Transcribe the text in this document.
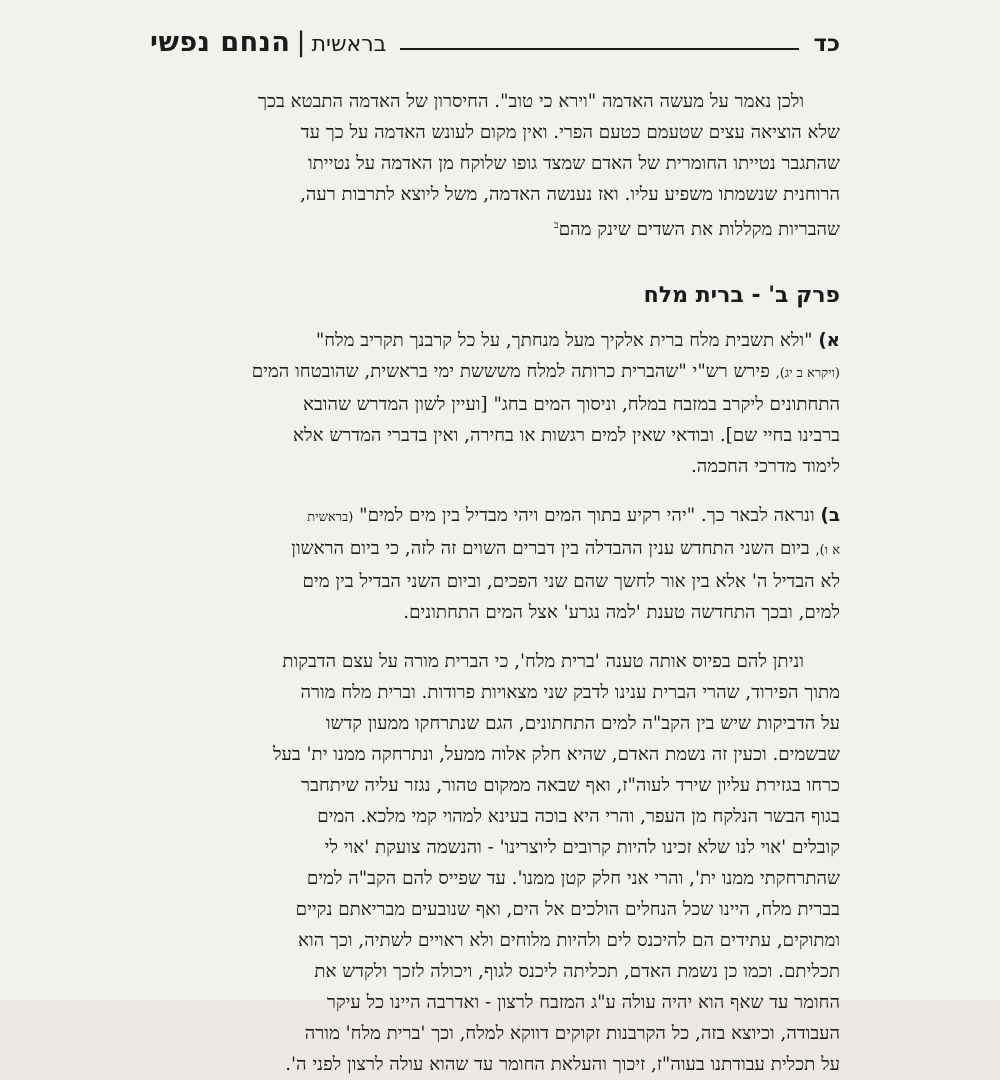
הנחם נפשי | בראשית	כד

ולכן נאמר על מעשה האדמה "וירא כי טוב". החיסרון של האדמה התבטא בכך
שלא הוציאה עצים שטעמם כטעם הפרי. ואין מקום לעונש האדמה על כך עד
שהתגבר נטייתו החומרית של האדם שמצד גופו שלוקח מן האדמה על נטייתו
הרוחנית שנשמתו משפיע עליו. ואז נענשה האדמה, משל ליוצא לתרבות רעה,
שהבריות מקללות את השדים שינק מהם$^ב$

פרק ב' - ברית מלח

א) "ולא תשבית מלח ברית אלקיך מעל מנחתך, על כל קרבנך תקריב מלח"
(ויקרא ב יג), פירש רש"י "שהברית כרותה למלח משששת ימי בראשית, שהובטחו המים
התחתונים ליקרב במזבח במלח, וניסוך המים בחג" [ועיין לשון המדרש שהובא
ברבינו בחיי שם]. ובודאי שאין למים רגשות או בחירה, ואין בדברי המדרש אלא
לימוד מדרכי החכמה.

ב) ונראה לבאר כך. "יהי רקיע בתוך המים ויהי מבדיל בין מים למים" (בראשית
א ו), ביום השני התחדש ענין ההבדלה בין דברים השוים זה לזה, כי ביום הראשון
לא הבדיל ה' אלא בין אור לחשך שהם שני הפכים, וביום השני הבדיל בין מים
למים, ובכך התחדשה טענת 'למה נגרע' אצל המים התחתונים.

וניתן להם בפיוס אותה טענה 'ברית מלח', כי הברית מורה על עצם הדבקות
מתוך הפירוד, שהרי הברית ענינו לדבק שני מצאויות פרודות. וברית מלח מורה
על הדביקות שיש בין הקב"ה למים התחתונים, הגם שנתרחקו ממעון קדשו
שבשמים. וכעין זה נשמת האדם, שהיא חלק אלוה ממעל, ונתרחקה ממנו ית' בעל
כרחו בגזירת עליון שירד לעוה"ז, ואף שבאה ממקום טהור, נגזר עליה שיתחבר
בגוף הבשר הנלקח מן העפר, והרי היא בוכה בעינא למהוי קמי מלכא. המים
קובלים 'אוי לנו שלא זכינו להיות קרובים ליוצרינו' - והנשמה צועקת 'אוי לי
שהתרחקתי ממנו ית', והרי אני חלק קטן ממנו'. עד שפייס להם הקב"ה למים
בברית מלח, היינו שכל הנחלים הולכים אל הים, ואף שנובעים מבריאתם נקיים
ומתוקים, עתידים הם להיכנס לים ולהיות מלוחים ולא ראויים לשתיה, וכך הוא
תכליתם. וכמו כן נשמת האדם, תכליתה ליכנס לגוף, ויכולה לזכך ולקדש את
החומר עד שאף הוא יהיה עולה ע"ג המזבח לרצון - ואדרבה היינו כל עיקר
העבודה, וכיוצא בזה, כל הקרבנות זקוקים דווקא למלח, וכך 'ברית מלח' מורה
על תכלית עבודתנו בעוה"ז, זיכוך והעלאת החומר עד שהוא עולה לרצון לפני ה'.
